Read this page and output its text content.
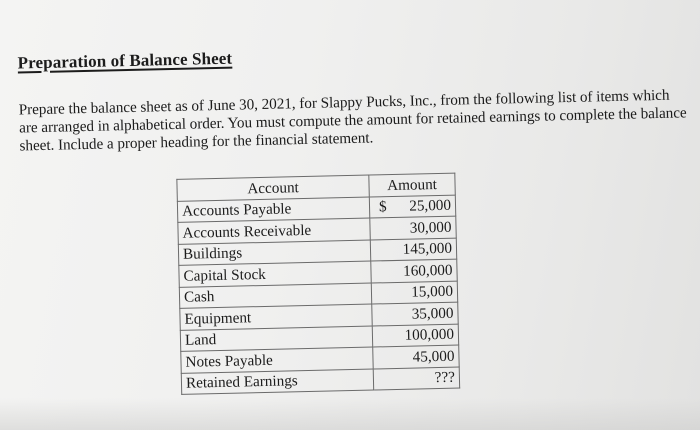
Preparation of Balance Sheet
Prepare the balance sheet as of June 30, 2021, for Slappy Pucks, Inc., from the following list of items which are arranged in alphabetical order. You must compute the amount for retained earnings to complete the balance sheet. Include a proper heading for the financial statement.
Account	Amount
Accounts Payable	$ 25,000
Accounts Receivable	30,000
Buildings	145,000
Capital Stock	160,000
Cash	15,000
Equipment	35,000
Land	100,000
Notes Payable	45,000
Retained Earnings	???
